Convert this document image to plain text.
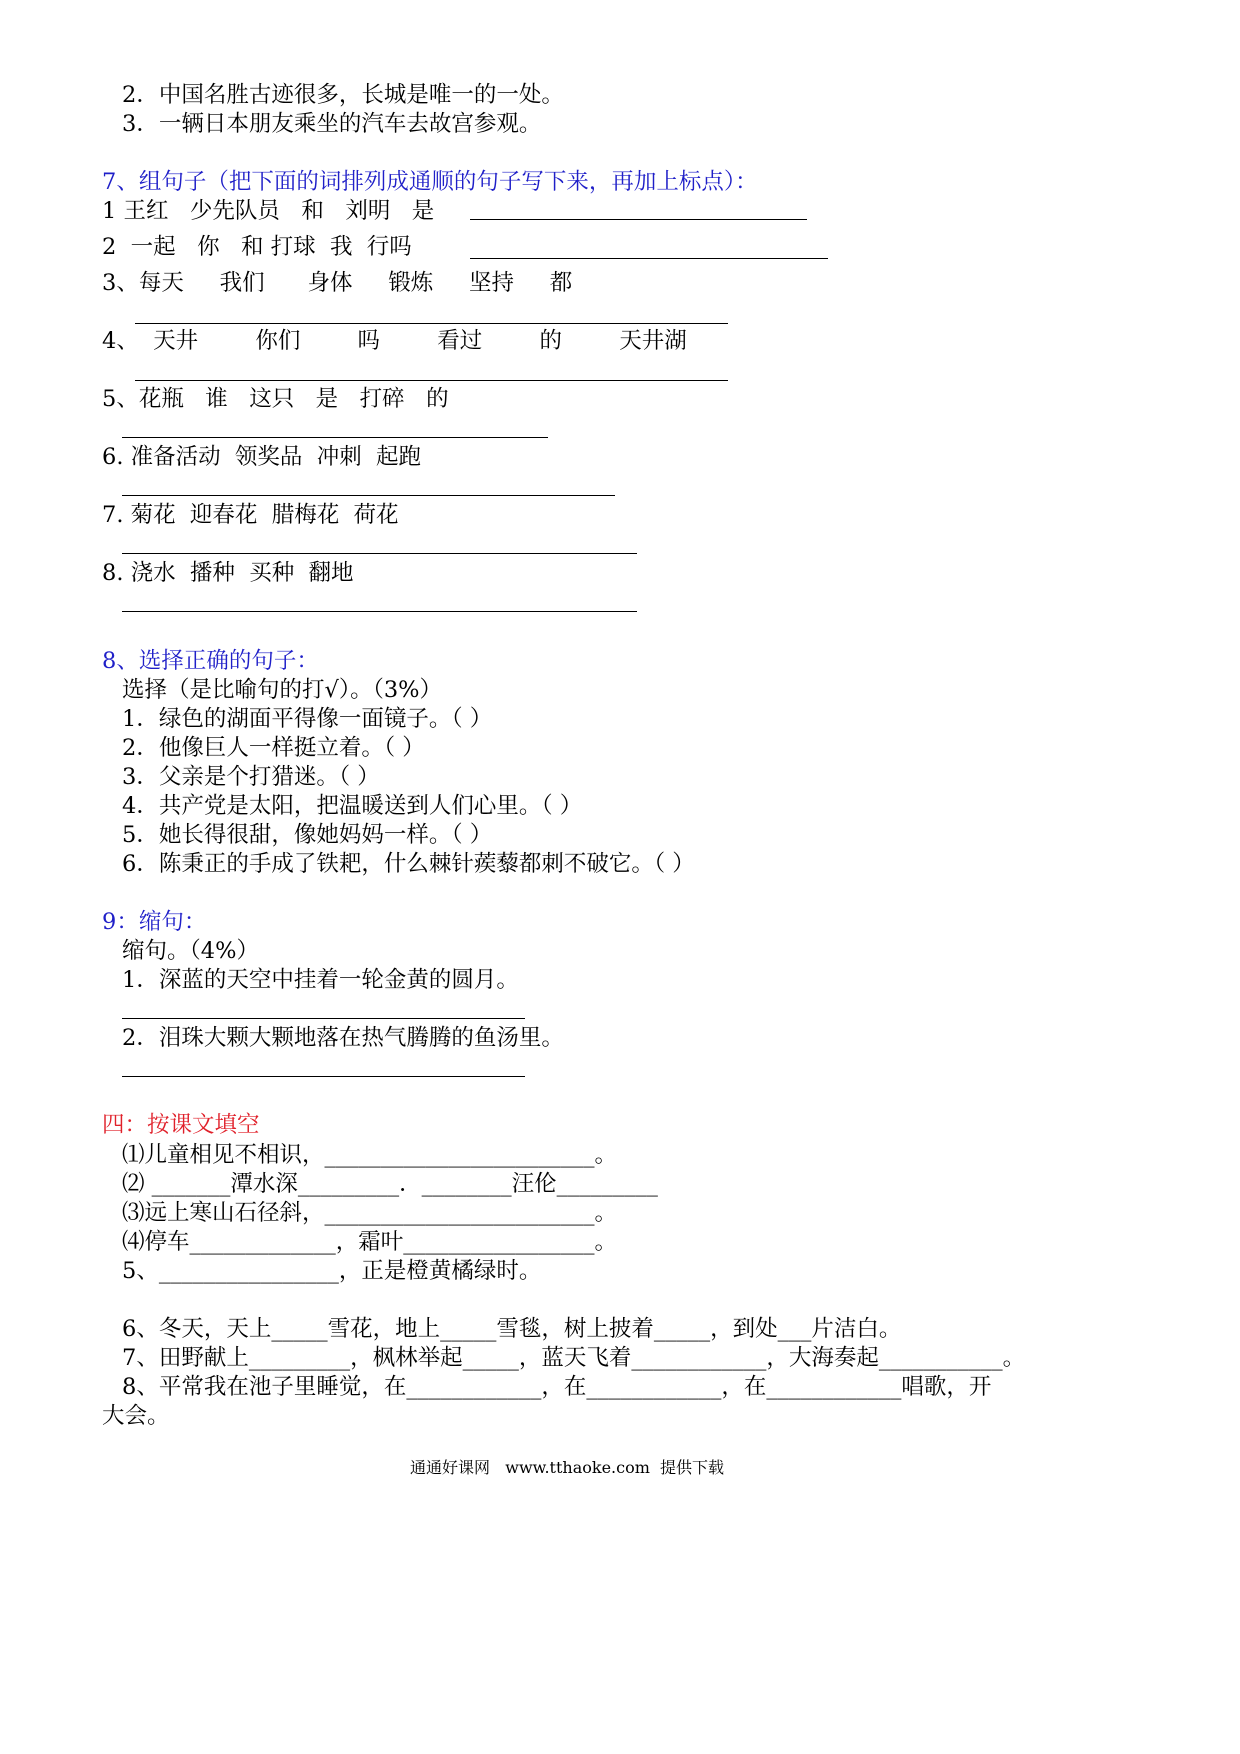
2．中国名胜古迹很多，长城是唯一的一处。
3．一辆日本朋友乘坐的汽车去故宫参观。
7、组句子（把下面的词排列成通顺的句子写下来，再加上标点）：
1 王红   少先队员   和   刘明   是
2  一起   你   和 打球  我  行吗
3、每天     我们      身体     锻炼     坚持     都
4、  天井        你们        吗        看过        的        天井湖
5、花瓶   谁   这只   是   打碎   的
6. 准备活动  领奖品  冲刺  起跑
7. 菊花  迎春花  腊梅花  荷花
8. 浇水  播种  买种  翻地
8、选择正确的句子：
选择（是比喻句的打√）。（3%）
1．绿色的湖面平得像一面镜子。（ ）
2．他像巨人一样挺立着。（ ）
3．父亲是个打猎迷。（ ）
4．共产党是太阳，把温暖送到人们心里。（ ）
5．她长得很甜，像她妈妈一样。（ ）
6．陈秉正的手成了铁耙，什么棘针蒺藜都刺不破它。（ ）
9：缩句：
缩句。（4%）
1．深蓝的天空中挂着一轮金黄的圆月。
2．泪珠大颗大颗地落在热气腾腾的鱼汤里。
四：按课文填空
⑴儿童相见不相识，________________________。
⑵ _______潭水深_________．________汪伦_________
⑶远上寒山石径斜，________________________。
⑷停车_____________，霜叶_________________。
5、________________，正是橙黄橘绿时。
6、冬天，天上_____雪花，地上_____雪毯，树上披着_____，到处___片洁白。
7、田野献上_________，枫林举起_____，蓝天飞着____________，大海奏起___________。
8、平常我在池子里睡觉，在____________，在____________，在____________唱歌，开
大会。
通通好课网   www.tthaoke.com  提供下载
